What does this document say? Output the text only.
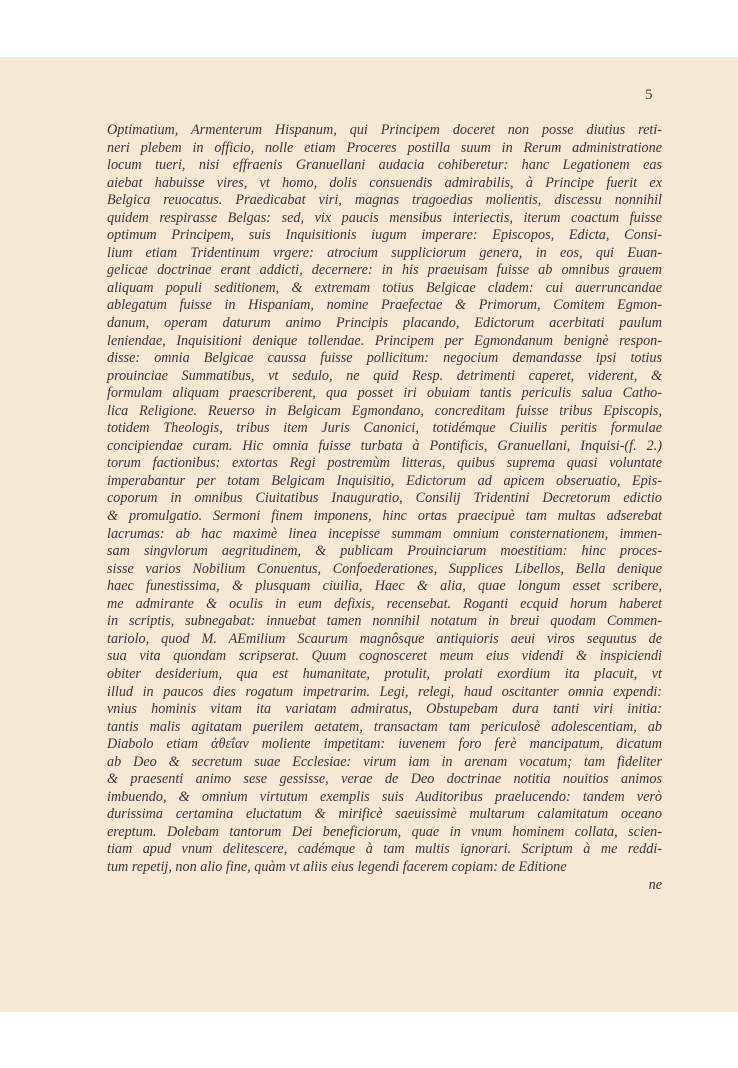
5
Optimatium, Armenterum Hispanum, qui Principem doceret non posse diutius reti-
neri plebem in officio, nolle etiam Proceres postilla suum in Rerum administratione
locum tueri, nisi effraenis Granuellani audacia cohiberetur: hanc Legationem eas
aiebat habuisse vires, vt homo, dolis consuendis admirabilis, à Principe fuerit ex
Belgica reuocatus. Praedicabat viri, magnas tragoedias molientis, discessu nonnihil
quidem respirasse Belgas: sed, vix paucis mensibus interiectis, iterum coactum fuisse
optimum Principem, suis Inquisitionis iugum imperare: Episcopos, Edicta, Consi-
lium etiam Tridentinum vrgere: atrocium suppliciorum genera, in eos, qui Euan-
gelicae doctrinae erant addicti, decernere: in his praeuisam fuisse ab omnibus grauem
aliquam populi seditionem, & extremam totius Belgicae cladem: cui auerruncandae
ablegatum fuisse in Hispaniam, nomine Praefectae & Primorum, Comitem Egmon-
danum, operam daturum animo Principis placando, Edictorum acerbitati paulum
leniendae, Inquisitioni denique tollendae. Principem per Egmondanum benignè respon-
disse: omnia Belgicae caussa fuisse pollicitum: negocium demandasse ipsi totius
prouinciae Summatibus, vt sedulo, ne quid Resp. detrimenti caperet, viderent, &
formulam aliquam praescriberent, qua posset iri obuiam tantis periculis salua Catho-
lica Religione. Reuerso in Belgicam Egmondano, concreditam fuisse tribus Episcopis,
totidem Theologis, tribus item Juris Canonici, totidémque Ciuilis peritis formulae
concipiendae curam. Hic omnia fuisse turbata à Pontificis, Granuellani, Inquisi-(f. 2.)
torum factionibus: extortas Regi postremùm litteras, quibus suprema quasi voluntate
imperabantur per totam Belgicam Inquisitio, Edictorum ad apicem obseruatio, Epis-
coporum in omnibus Ciuitatibus Inauguratio, Consilij Tridentini Decretorum edictio
& promulgatio. Sermoni finem imponens, hinc ortas praecipuè tam multas adserebat
lacrumas: ab hac maximè linea incepisse summam omnium consternationem, immen-
sam singvlorum aegritudinem, & publicam Prouinciarum moestitiam: hinc proces-
sisse varios Nobilium Conuentus, Confoederationes, Supplices Libellos, Bella denique
haec funestissima, & plusquam ciuilia, Haec & alia, quae longum esset scribere,
me admirante & oculis in eum defixis, recensebat. Roganti ecquid horum haberet
in scriptis, subnegabat: innuebat tamen nonnihil notatum in breui quodam Commen-
tariolo, quod M. AEmilium Scaurum magnôsque antiquioris aeui viros sequutus de
sua vita quondam scripserat. Quum cognosceret meum eius videndi & inspiciendi
obiter desiderium, qua est humanitate, protulit, prolati exordium ita placuit, vt
illud in paucos dies rogatum impetrarim. Legi, relegi, haud oscitanter omnia expendi:
vnius hominis vitam ita variatam admiratus, Obstupebam dura tanti viri initia:
tantis malis agitatam puerilem aetatem, transactam tam periculosè adolescentiam, ab
Diabolo etiam ἀθεΐαν moliente impetitam: iuvenem foro ferè mancipatum, dicatum
ab Deo & secretum suae Ecclesiae: virum iam in arenam vocatum; tam fideliter
& praesenti animo sese gessisse, verae de Deo doctrinae notitia nouitios animos
imbuendo, & omnium virtutum exemplis suis Auditoribus praelucendo: tandem verò
durissima certamina eluctatum & mirificè saeuissimè multarum calamitatum oceano
ereptum. Dolebam tantorum Dei beneficiorum, quae in vnum hominem collata, scien-
tiam apud vnum delitescere, cadémque à tam multis ignorari. Scriptum à me reddi-
tum repetij, non alio fine, quàm vt aliis eius legendi facerem copiam: de Editione
ne
